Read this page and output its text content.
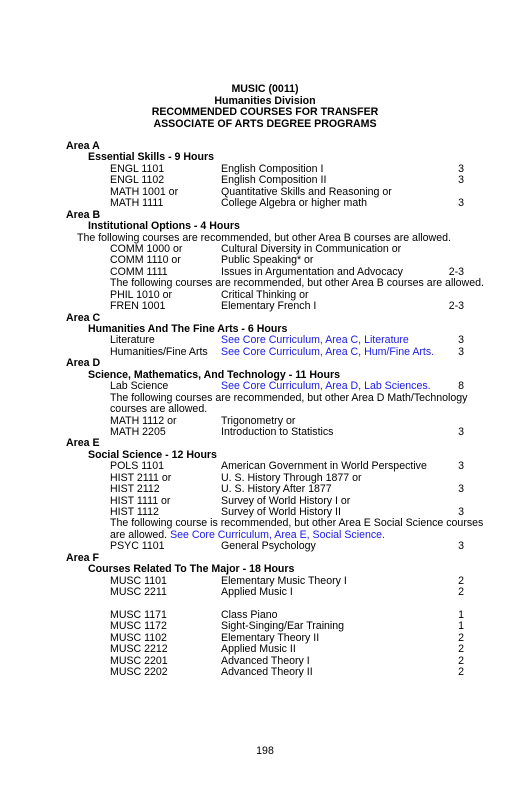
MUSIC (0011)
Humanities Division
RECOMMENDED COURSES FOR TRANSFER
ASSOCIATE OF ARTS DEGREE PROGRAMS
Area A
Essential Skills - 9 Hours
ENGL 1101	English Composition I	3
ENGL 1102	English Composition II	3
MATH 1001 or	Quantitative Skills and Reasoning or
MATH 1111	College Algebra or higher math	3
Area B
Institutional Options - 4 Hours
The following courses are recommended, but other Area B courses are allowed.
COMM 1000 or	Cultural Diversity in Communication or
COMM 1110 or	Public Speaking* or
COMM 1111	Issues in Argumentation and Advocacy	2-3
The following courses are recommended, but other Area B courses are allowed.
PHIL 1010 or	Critical Thinking or
FREN 1001	Elementary French I	2-3
Area C
Humanities And The Fine Arts - 6 Hours
Literature	See Core Curriculum, Area C, Literature	3
Humanities/Fine Arts See Core Curriculum, Area C, Hum/Fine Arts. 3
Area D
Science, Mathematics, And Technology - 11 Hours
Lab Science	See Core Curriculum, Area D, Lab Sciences.	8
The following courses are recommended, but other Area D Math/Technology
courses are allowed.
MATH 1112 or	Trigonometry or
MATH 2205	Introduction to Statistics	3
Area E
Social Science - 12 Hours
POLS 1101	American Government in World Perspective	3
HIST 2111 or	U. S. History Through 1877 or
HIST 2112	U. S. History After 1877	3
HIST 1111 or	Survey of World History I or
HIST 1112	Survey of World History II	3
The following course is recommended, but other Area E Social Science courses
are allowed. See Core Curriculum, Area E, Social Science.
PSYC 1101	General Psychology	3
Area F
Courses Related To The Major - 18 Hours
MUSC 1101	Elementary Music Theory I	2
MUSC 2211	Applied Music I	2
MUSC 1171	Class Piano	1
MUSC 1172	Sight-Singing/Ear Training	1
MUSC 1102	Elementary Theory II	2
MUSC 2212	Applied Music II	2
MUSC 2201	Advanced Theory I	2
MUSC 2202	Advanced Theory II	2
198
